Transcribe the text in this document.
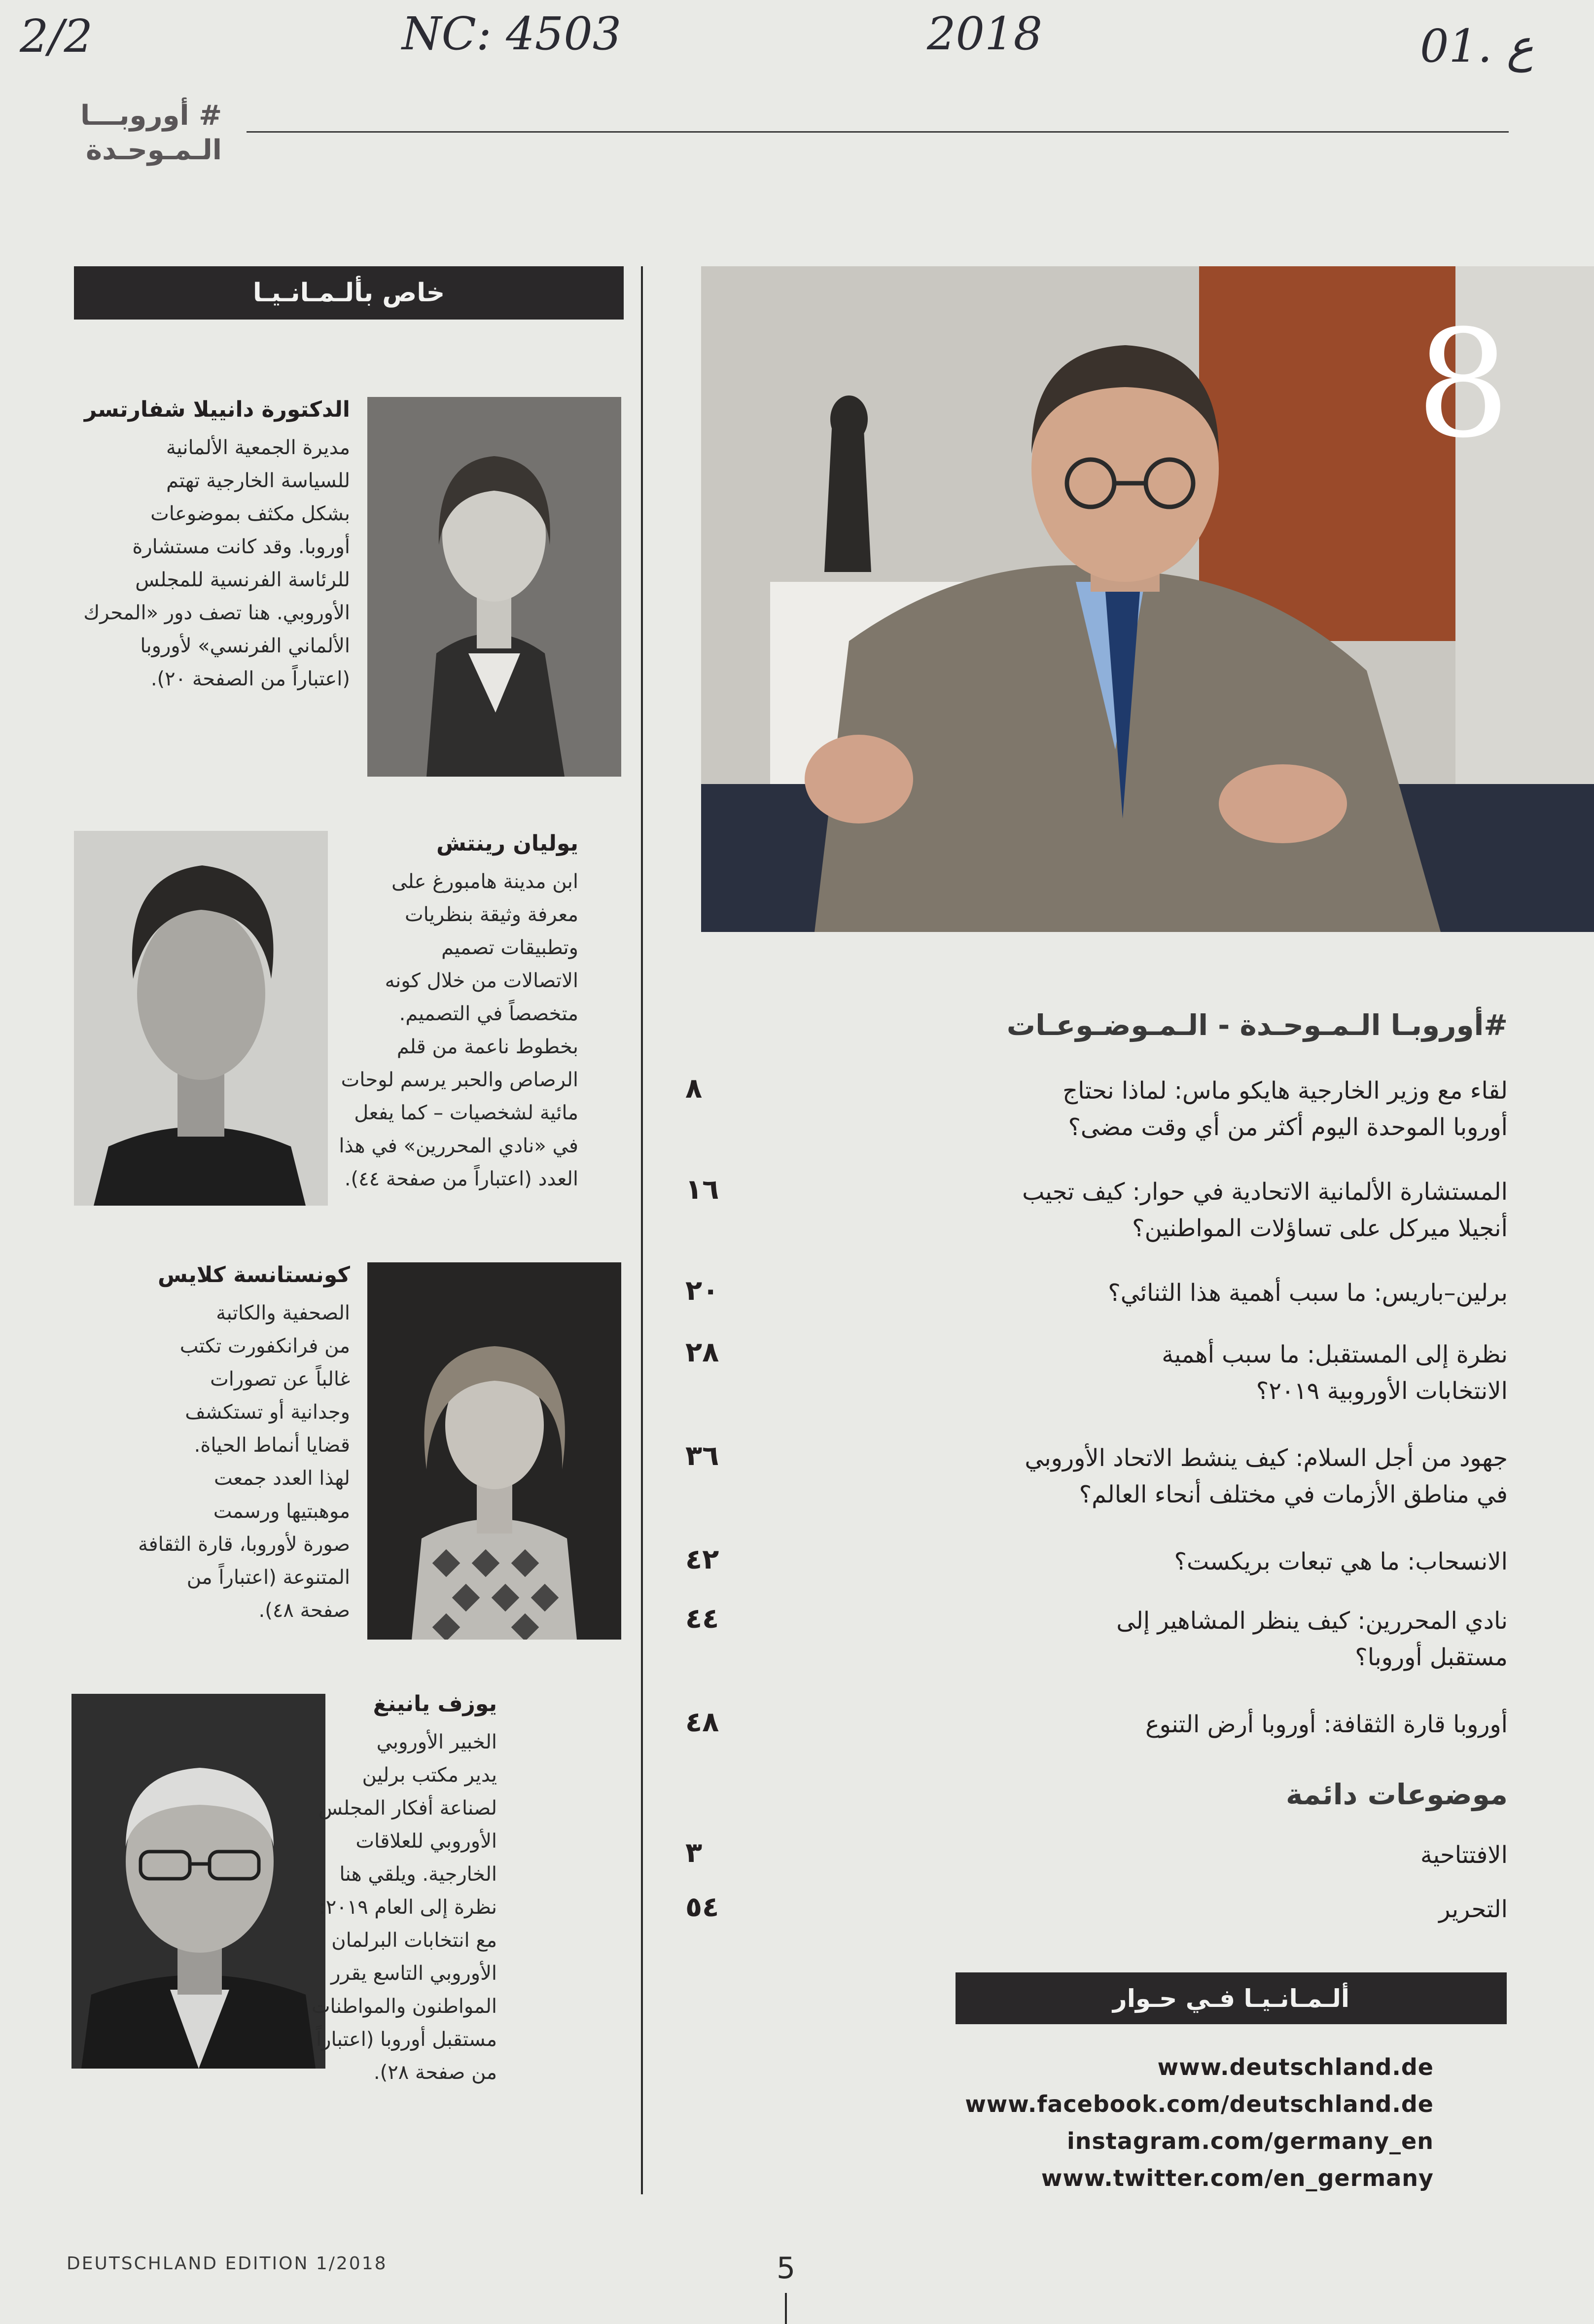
2/2	NC: 4503	2018	ع .01
# أوروبـــا
الـمـوحـدة
خاص بألـمـانـيـا
الدكتورة دانييلا شفارتسر
مديرة الجمعية الألمانية
للسياسة الخارجية تهتم
بشكل مكثف بموضوعات
أوروبا. وقد كانت مستشارة
للرئاسة الفرنسية للمجلس
الأوروبي. هنا تصف دور «المحرك
الألماني الفرنسي» لأوروبا
(اعتباراً من الصفحة ٢٠).
يوليان رينتش
ابن مدينة هامبورغ على
معرفة وثيقة بنظريات
وتطبيقات تصميم
الاتصالات من خلال كونه
متخصصاً في التصميم.
بخطوط ناعمة من قلم
الرصاص والحبر يرسم لوحات
مائية لشخصيات – كما يفعل
في «نادي المحررين» في هذا
العدد (اعتباراً من صفحة ٤٤).
كونستانسة كلايس
الصحفية والكاتبة
من فرانكفورت تكتب
غالباً عن تصورات
وجدانية أو تستكشف
قضايا أنماط الحياة.
لهذا العدد جمعت
موهبتيها ورسمت
صورة لأوروبا، قارة الثقافة
المتنوعة (اعتباراً من
صفحة ٤٨).
يوزف يانينغ
الخبير الأوروبي
يدير مكتب برلين
لصناعة أفكار المجلس
الأوروبي للعلاقات
الخارجية. ويلقي هنا
نظرة إلى العام ٢٠١٩:
مع انتخابات البرلمان
الأوروبي التاسع يقرر
المواطنون والمواطنات
مستقبل أوروبا (اعتباراً
من صفحة ٢٨).
8
#أوروبـا الـمـوحـدة - الـمـوضـوعـات
٨	لقاء مع وزير الخارجية هايكو ماس: لماذا نحتاج
أوروبا الموحدة اليوم أكثر من أي وقت مضى؟
١٦	المستشارة الألمانية الاتحادية في حوار: كيف تجيب
أنجيلا ميركل على تساؤلات المواطنين؟
٢٠	برلين–باريس: ما سبب أهمية هذا الثنائي؟
٢٨	نظرة إلى المستقبل: ما سبب أهمية
الانتخابات الأوروبية ٢٠١٩؟
٣٦	جهود من أجل السلام: كيف ينشط الاتحاد الأوروبي
في مناطق الأزمات في مختلف أنحاء العالم؟
٤٢	الانسحاب: ما هي تبعات بريكست؟
٤٤	نادي المحررين: كيف ينظر المشاهير إلى
مستقبل أوروبا؟
٤٨	أوروبا قارة الثقافة: أوروبا أرض التنوع
موضوعات دائمة
٣	الافتتاحية
٥٤	التحرير
ألـمـانـيـا فـي حـوار
www.deutschland.de
www.facebook.com/deutschland.de
instagram.com/germany_en
www.twitter.com/en_germany
DEUTSCHLAND EDITION 1/2018	5
